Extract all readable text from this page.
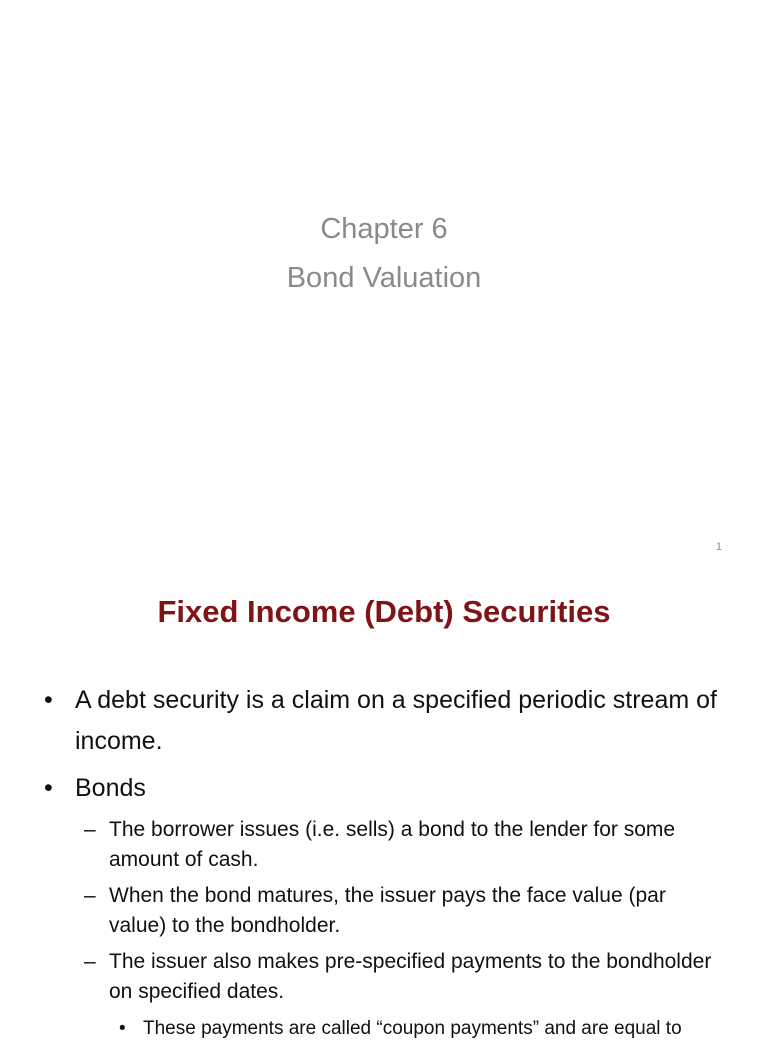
Chapter 6
Bond Valuation
1
Fixed Income (Debt) Securities
• A debt security is a claim on a specified periodic stream of income.
• Bonds
– The borrower issues (i.e. sells) a bond to the lender for some amount of cash.
– When the bond matures, the issuer pays the face value (par value) to the bondholder.
– The issuer also makes pre-specified payments to the bondholder on specified dates.
• These payments are called “coupon payments” and are equal to
